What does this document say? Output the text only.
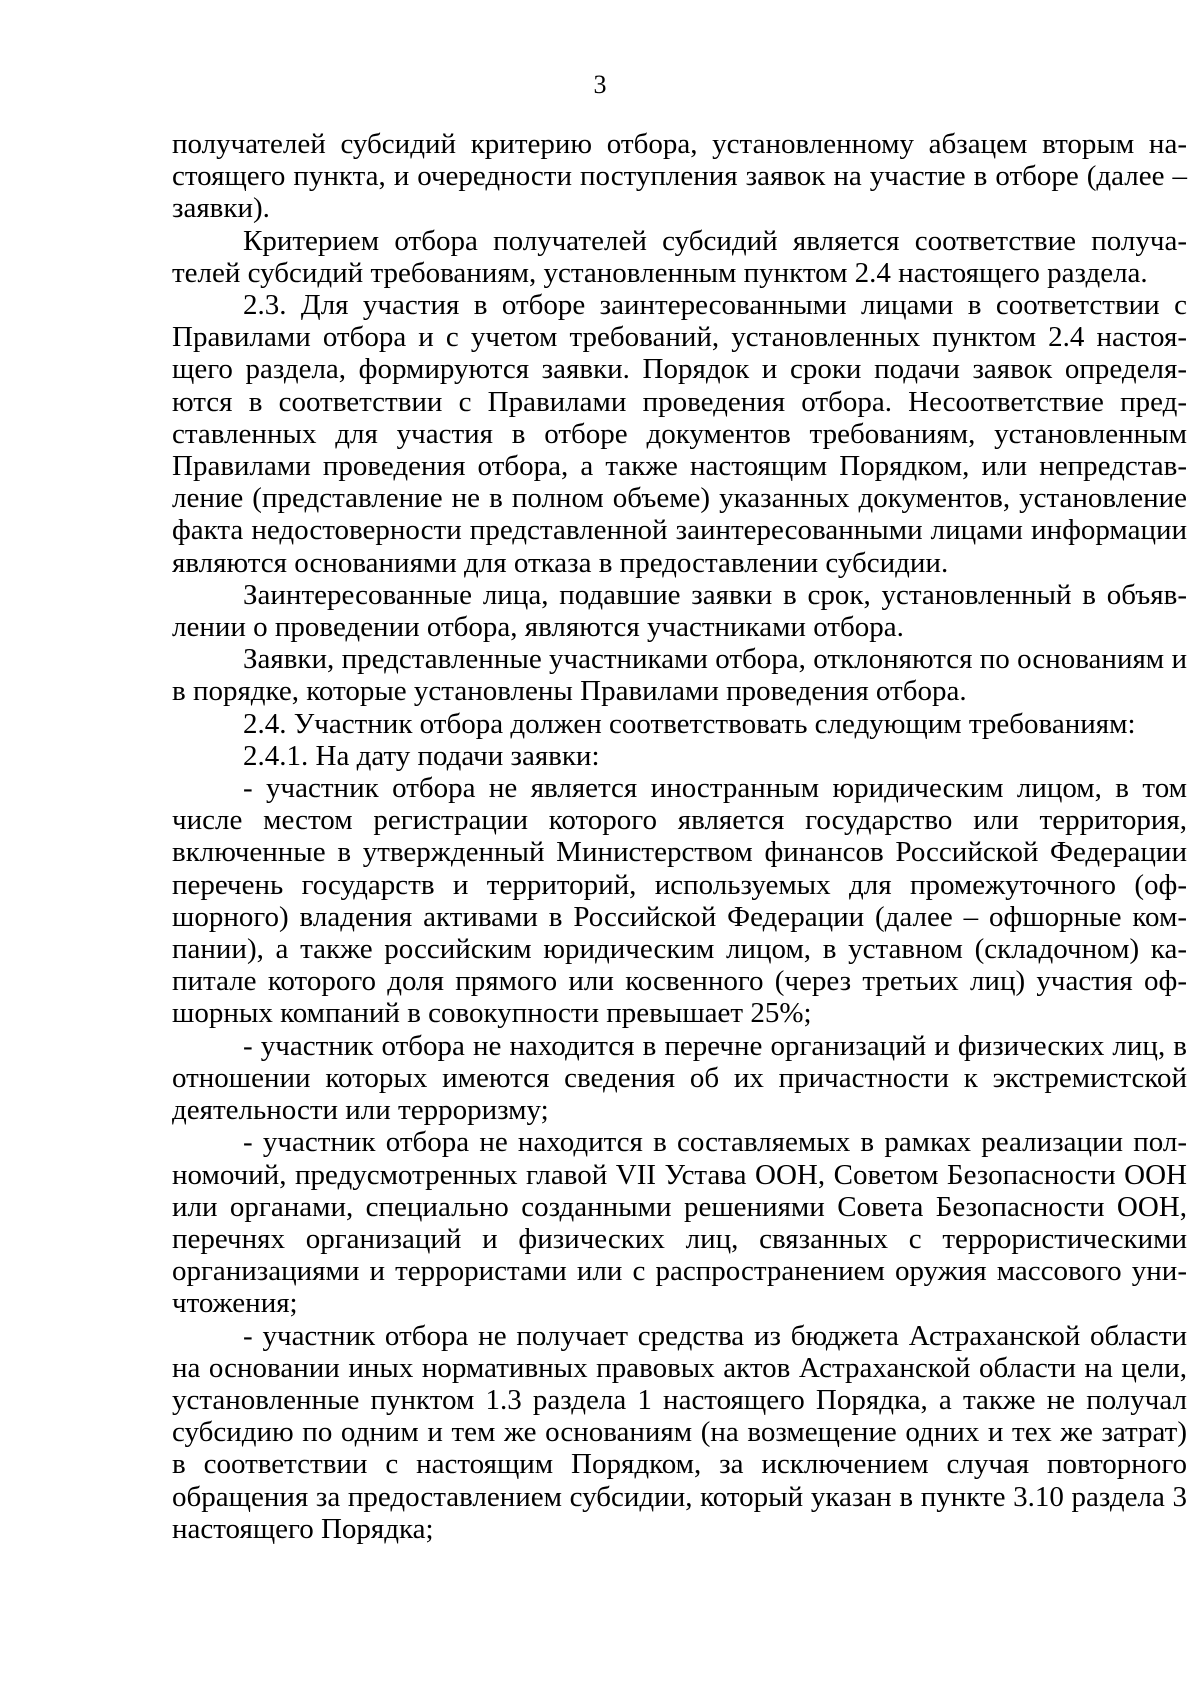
3

получателей субсидий критерию отбора, установленному абзацем вторым настоящего пункта, и очередности поступления заявок на участие в отборе (далее – заявки).

Критерием отбора получателей субсидий является соответствие получателей субсидий требованиям, установленным пунктом 2.4 настоящего раздела.

2.3. Для участия в отборе заинтересованными лицами в соответствии с Правилами отбора и с учетом требований, установленных пунктом 2.4 настоящего раздела, формируются заявки. Порядок и сроки подачи заявок определяются в соответствии с Правилами проведения отбора. Несоответствие представленных для участия в отборе документов требованиям, установленным Правилами проведения отбора, а также настоящим Порядком, или непредставление (представление не в полном объеме) указанных документов, установление факта недостоверности представленной заинтересованными лицами информации являются основаниями для отказа в предоставлении субсидии.

Заинтересованные лица, подавшие заявки в срок, установленный в объявлении о проведении отбора, являются участниками отбора.

Заявки, представленные участниками отбора, отклоняются по основаниям и в порядке, которые установлены Правилами проведения отбора.

2.4. Участник отбора должен соответствовать следующим требованиям:

2.4.1. На дату подачи заявки:

- участник отбора не является иностранным юридическим лицом, в том числе местом регистрации которого является государство или территория, включенные в утвержденный Министерством финансов Российской Федерации перечень государств и территорий, используемых для промежуточного (офшорного) владения активами в Российской Федерации (далее – офшорные компании), а также российским юридическим лицом, в уставном (складочном) капитале которого доля прямого или косвенного (через третьих лиц) участия офшорных компаний в совокупности превышает 25%;

- участник отбора не находится в перечне организаций и физических лиц, в отношении которых имеются сведения об их причастности к экстремистской деятельности или терроризму;

- участник отбора не находится в составляемых в рамках реализации полномочий, предусмотренных главой VII Устава ООН, Советом Безопасности ООН или органами, специально созданными решениями Совета Безопасности ООН, перечнях организаций и физических лиц, связанных с террористическими организациями и террористами или с распространением оружия массового уничтожения;

- участник отбора не получает средства из бюджета Астраханской области на основании иных нормативных правовых актов Астраханской области на цели, установленные пунктом 1.3 раздела 1 настоящего Порядка, а также не получал субсидию по одним и тем же основаниям (на возмещение одних и тех же затрат) в соответствии с настоящим Порядком, за исключением случая повторного обращения за предоставлением субсидии, который указан в пункте 3.10 раздела 3 настоящего Порядка;
